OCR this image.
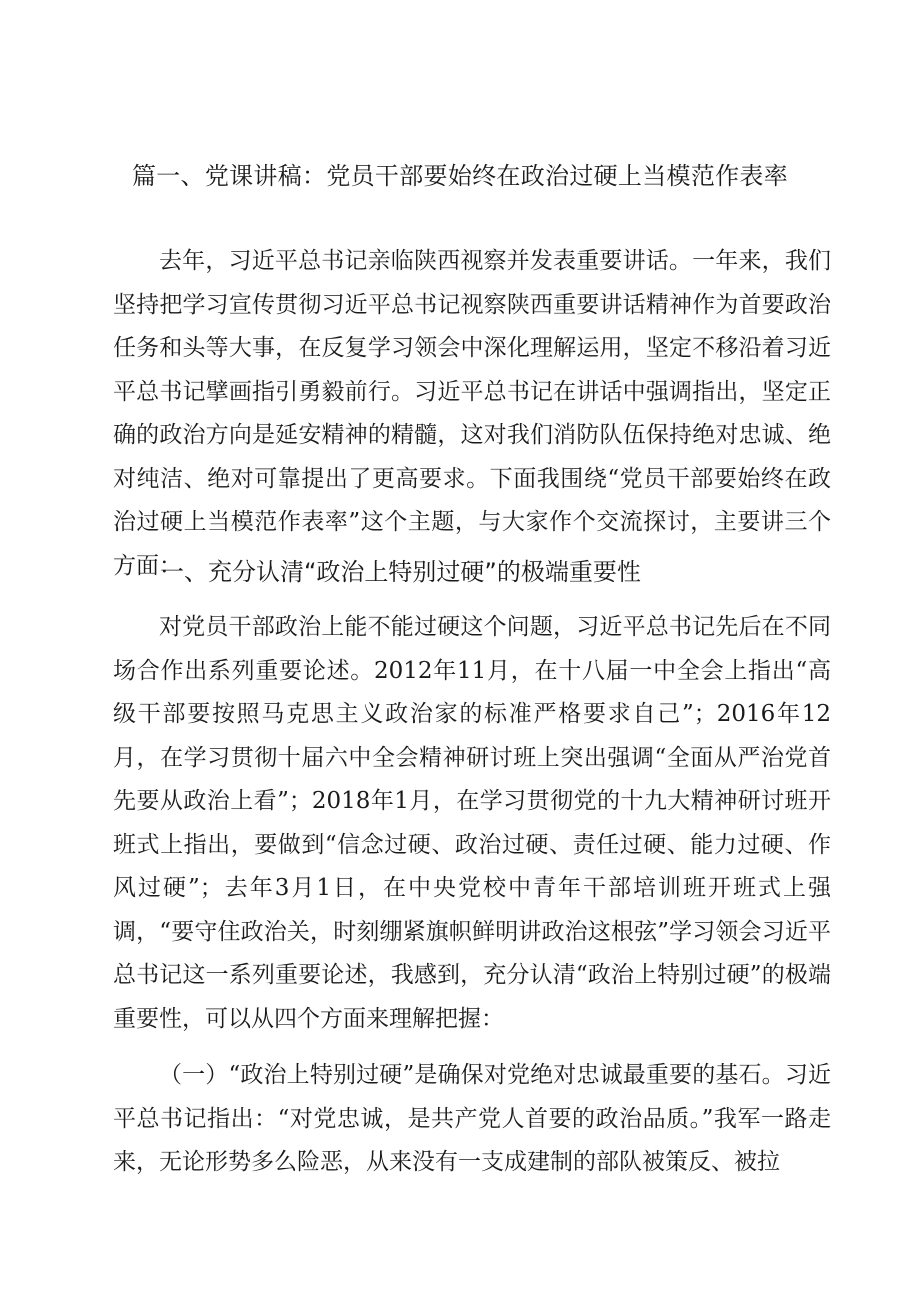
篇一、党课讲稿：党员干部要始终在政治过硬上当模范作表率

去年，习近平总书记亲临陕西视察并发表重要讲话。一年来，我们坚持把学习宣传贯彻习近平总书记视察陕西重要讲话精神作为首要政治任务和头等大事，在反复学习领会中深化理解运用，坚定不移沿着习近平总书记擘画指引勇毅前行。习近平总书记在讲话中强调指出，坚定正确的政治方向是延安精神的精髓，这对我们消防队伍保持绝对忠诚、绝对纯洁、绝对可靠提出了更高要求。下面我围绕“党员干部要始终在政治过硬上当模范作表率”这个主题，与大家作个交流探讨，主要讲三个方面：

一、充分认清“政治上特别过硬”的极端重要性

对党员干部政治上能不能过硬这个问题，习近平总书记先后在不同场合作出系列重要论述。2012年11月，在十八届一中全会上指出“高级干部要按照马克思主义政治家的标准严格要求自己”；2016年12月，在学习贯彻十届六中全会精神研讨班上突出强调“全面从严治党首先要从政治上看”；2018年1月，在学习贯彻党的十九大精神研讨班开班式上指出，要做到“信念过硬、政治过硬、责任过硬、能力过硬、作风过硬”；去年3月1日，在中央党校中青年干部培训班开班式上强调，“要守住政治关，时刻绷紧旗帜鲜明讲政治这根弦”学习领会习近平总书记这一系列重要论述，我感到，充分认清“政治上特别过硬”的极端重要性，可以从四个方面来理解把握：

（一）“政治上特别过硬”是确保对党绝对忠诚最重要的基石。习近平总书记指出：“对党忠诚，是共产党人首要的政治品质。”我军一路走来，无论形势多么险恶，从来没有一支成建制的部队被策反、被拉
